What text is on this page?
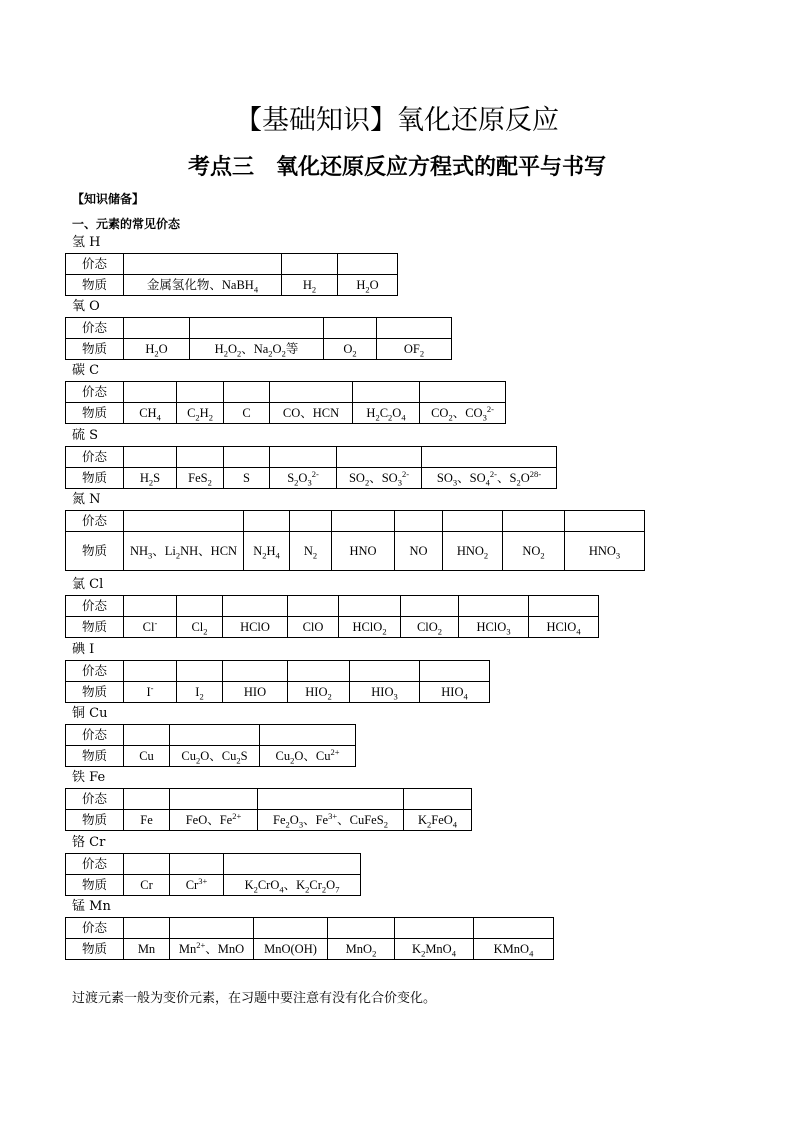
【基础知识】氧化还原反应
考点三　氧化还原反应方程式的配平与书写
【知识储备】
一、元素的常见价态
氢 H
价态			
物质	金属氢化物、NaBH$_4$	$H_2$	$H_2O$
氧 O
价态				
物质	$H_2O$	$H_2O_2$、$Na_2O_2$等	$O_2$	$OF_2$
碳 C
价态						
物质	$CH_4$	$C_2H_2$	C	CO、HCN	$H_2C_2O_4$	$CO_2$、$CO_3^{2-}$
硫 S
价态						
物质	$H_2S$	FeS$_2$	S	$S_2O_3^{2-}$	$SO_2$、$SO_3^{2-}$	$SO_3$、$SO_4^{2-}$、$S_2O^{28-}$
氮 N
价态								
物质	$NH_3$、$Li_2NH$、HCN	$N_2H_4$	$N_2$	HNO	NO	$HNO_2$	$NO_2$	$HNO_3$
氯 Cl
价态								
物质	Cl-	$Cl_2$	HClO	ClO	HClO$_2$	ClO$_2$	HClO$_3$	HClO$_4$
碘 I
价态						
物质	I-	$I_2$	HIO	$HIO_2$	$HIO_3$	$HIO_4$
铜 Cu
价态			
物质	Cu	$Cu_2O$、$Cu_2S$	$Cu_2O$、$Cu^{2+}$
铁 Fe
价态				
物质	Fe	FeO、$Fe^{2+}$	$Fe_2O_3$、$Fe^{3+}$、CuFeS$_2$	$K_2FeO_4$
铬 Cr
价态			
物质	Cr	$Cr^{3+}$	$K_2CrO_4$、$K_2Cr_2O_7$
锰 Mn
价态						
物质	Mn	$Mn^{2+}$、MnO	MnO(OH)	MnO$_2$	$K_2MnO_4$	KMnO$_4$
过渡元素一般为变价元素，在习题中要注意有没有化合价变化。
